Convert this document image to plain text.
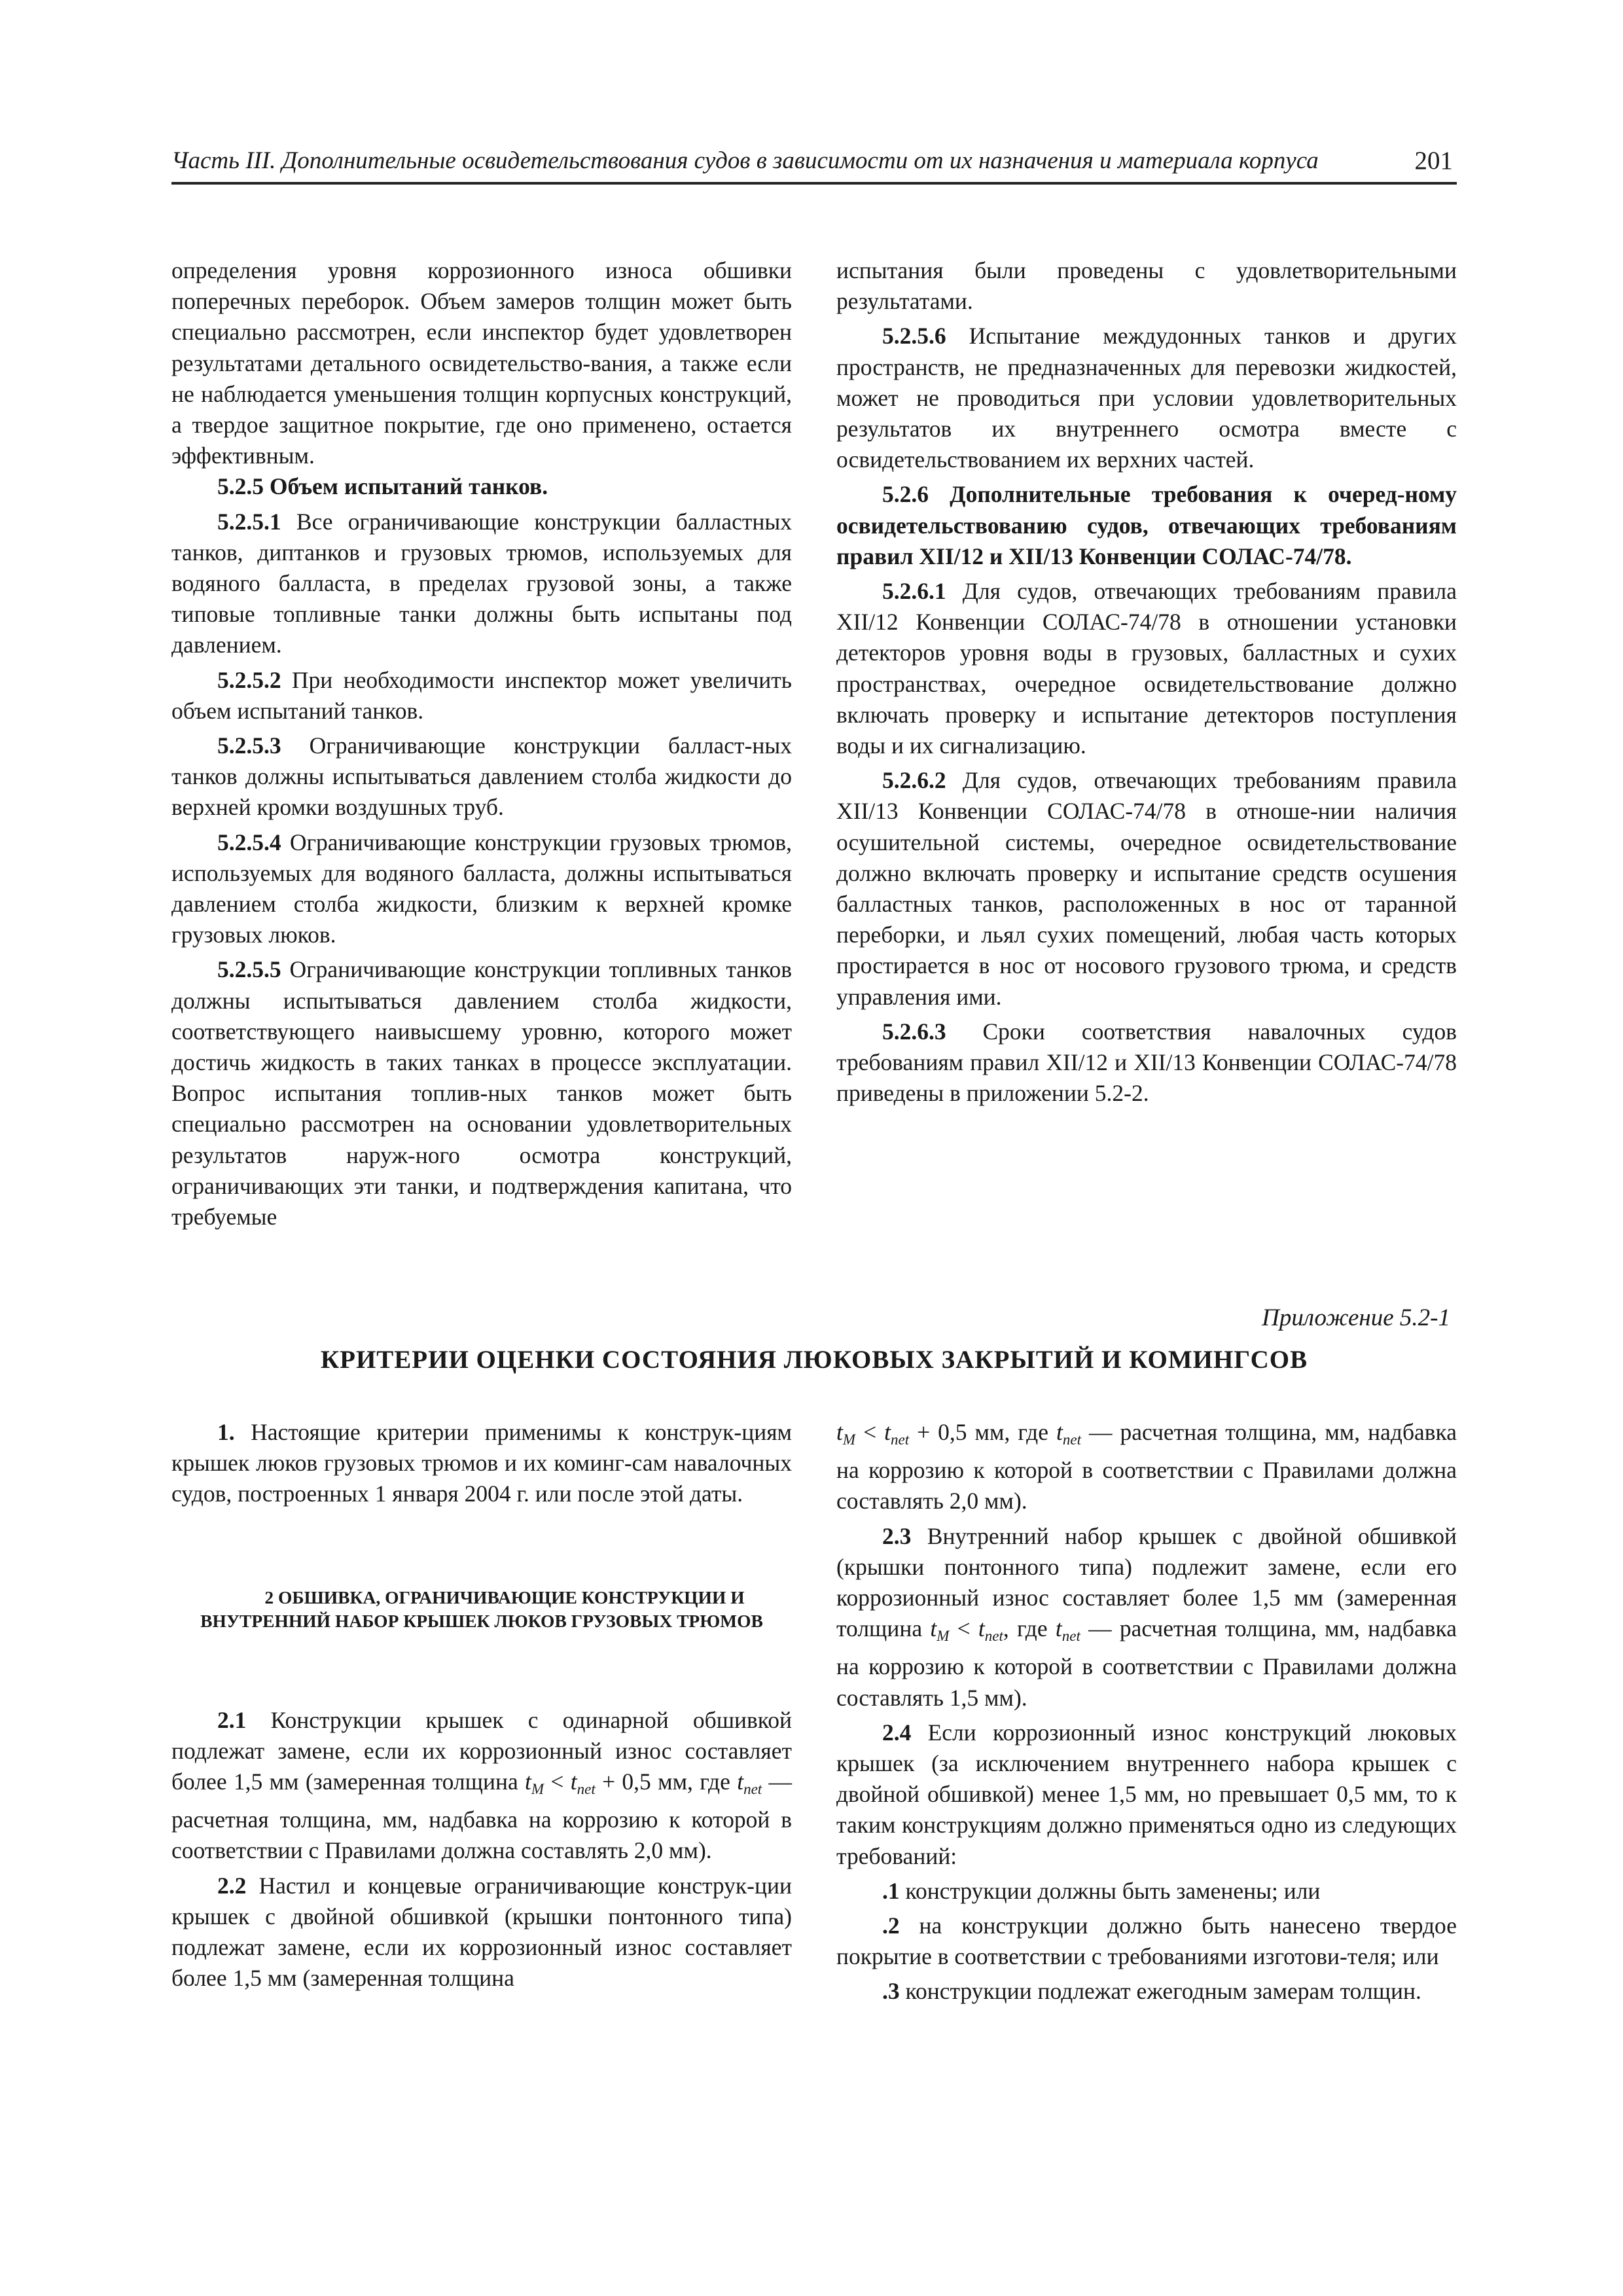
Часть III. Дополнительные освидетельствования судов в зависимости от их назначения и материала корпуса	201

определения уровня коррозионного износа обшивки поперечных переборок. Объем замеров толщин может быть специально рассмотрен, если инспектор будет удовлетворен результатами детального освидетельство-вания, а также если не наблюдается уменьшения толщин корпусных конструкций, а твердое защитное покрытие, где оно применено, остается эффективным.

5.2.5 Объем испытаний танков.

5.2.5.1 Все ограничивающие конструкции балластных танков, диптанков и грузовых трюмов, используемых для водяного балласта, в пределах грузовой зоны, а также типовые топливные танки должны быть испытаны под давлением.

5.2.5.2 При необходимости инспектор может увеличить объем испытаний танков.

5.2.5.3 Ограничивающие конструкции балласт-ных танков должны испытываться давлением столба жидкости до верхней кромки воздушных труб.

5.2.5.4 Ограничивающие конструкции грузовых трюмов, используемых для водяного балласта, должны испытываться давлением столба жидкости, близким к верхней кромке грузовых люков.

5.2.5.5 Ограничивающие конструкции топливных танков должны испытываться давлением столба жидкости, соответствующего наивысшему уровню, которого может достичь жидкость в таких танках в процессе эксплуатации. Вопрос испытания топлив-ных танков может быть специально рассмотрен на основании удовлетворительных результатов наруж-ного осмотра конструкций, ограничивающих эти танки, и подтверждения капитана, что требуемые

испытания были проведены с удовлетворительными результатами.

5.2.5.6 Испытание междудонных танков и других пространств, не предназначенных для перевозки жидкостей, может не проводиться при условии удовлетворительных результатов их внутреннего осмотра вместе с освидетельствованием их верхних частей.

5.2.6 Дополнительные требования к очеред-ному освидетельствованию судов, отвечающих требованиям правил XII/12 и XII/13 Конвенции СОЛАС-74/78.

5.2.6.1 Для судов, отвечающих требованиям правила XII/12 Конвенции СОЛАС-74/78 в отношении установки детекторов уровня воды в грузовых, балластных и сухих пространствах, очередное освидетельствование должно включать проверку и испытание детекторов поступления воды и их сигнализацию.

5.2.6.2 Для судов, отвечающих требованиям правила XII/13 Конвенции СОЛАС-74/78 в отноше-нии наличия осушительной системы, очередное освидетельствование должно включать проверку и испытание средств осушения балластных танков, расположенных в нос от таранной переборки, и льял сухих помещений, любая часть которых простирается в нос от носового грузового трюма, и средств управления ими.

5.2.6.3 Сроки соответствия навалочных судов требованиям правил XII/12 и XII/13 Конвенции СОЛАС-74/78 приведены в приложении 5.2-2.

Приложение 5.2-1
КРИТЕРИИ ОЦЕНКИ СОСТОЯНИЯ ЛЮКОВЫХ ЗАКРЫТИЙ И КОМИНГСОВ

1. Настоящие критерии применимы к конструк-циям крышек люков грузовых трюмов и их коминг-сам навалочных судов, построенных 1 января 2004 г. или после этой даты.

2 ОБШИВКА, ОГРАНИЧИВАЮЩИЕ КОНСТРУКЦИИ И ВНУТРЕННИЙ НАБОР КРЫШЕК ЛЮКОВ ГРУЗОВЫХ ТРЮМОВ

2.1 Конструкции крышек с одинарной обшивкой подлежат замене, если их коррозионный износ составляет более 1,5 мм (замеренная толщина $t_M < t_{net} + 0,5$ мм, где $t_{net}$ — расчетная толщина, мм, надбавка на коррозию к которой в соответствии с Правилами должна составлять 2,0 мм).

2.2 Настил и концевые ограничивающие конструк-ции крышек с двойной обшивкой (крышки понтонного типа) подлежат замене, если их коррозионный износ составляет более 1,5 мм (замеренная толщина

$t_M < t_{net} + 0,5$ мм, где $t_{net}$ — расчетная толщина, мм, надбавка на коррозию к которой в соответствии с Правилами должна составлять 2,0 мм).

2.3 Внутренний набор крышек с двойной обшивкой (крышки понтонного типа) подлежит замене, если его коррозионный износ составляет более 1,5 мм (замеренная толщина $t_M < t_{net}$, где $t_{net}$ — расчетная толщина, мм, надбавка на коррозию к которой в соответствии с Правилами должна составлять 1,5 мм).

2.4 Если коррозионный износ конструкций люковых крышек (за исключением внутреннего набора крышек с двойной обшивкой) менее 1,5 мм, но превышает 0,5 мм, то к таким конструкциям должно применяться одно из следующих требований:

.1 конструкции должны быть заменены; или

.2 на конструкции должно быть нанесено твердое покрытие в соответствии с требованиями изготови-теля; или

.3 конструкции подлежат ежегодным замерам толщин.
